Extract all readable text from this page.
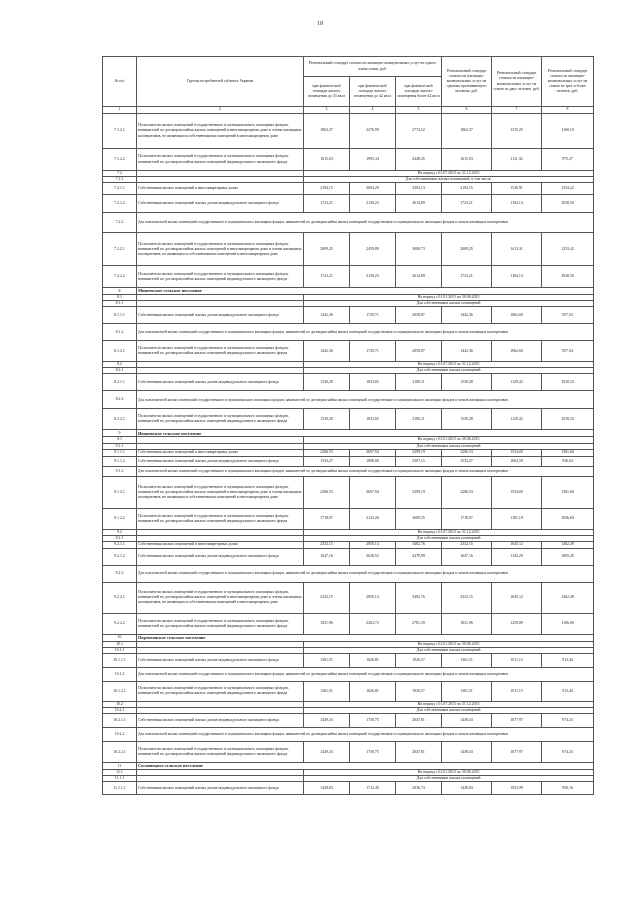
18
№ п/п	Группы потребителей субъекта Украина	Региональный стандарт стоимости жилищно-коммунальных услуг на одного члена семьи, руб.			Региональный стандарт стоимости жилищно-коммунальных услуг на одиноко проживающего человека, руб.	Региональный стандарт стоимости жилищно-коммунальных услуг на семью из двух человек, руб.	Региональный стандарт стоимости жилищно-коммунальных услуг на семью из трех и более человек, руб.
		при фактической площади жилого помещения до 33 кв.м	при фактической площади жилого помещения до 42 кв.м	при фактической площади жилого помещения более 42 кв.м			
1	2	3	4	5	6	7	8
7.1.2.1	Пользователи жилых помещений государственного и муниципального жилищных фондов, нанимателей по договорам найма жилых помещений в многоквартирном доме и члены жилищных кооперативов, не являющихся собственниками помещений в многоквартирном доме	1863,37	2276,99	2774,52	1863,37	1315,25	1168,10
7.1.2.2	Пользователи жилых помещений государственного и муниципального жилищных фондов, нанимателей по договорам найма жилых помещений индивидуального жилищного фонда	1615,03	1995,34	2448,45	1615,03	1111,32	975,27
7.2		На период с 01.07.2015 по 31.12.2015					
7.2.1		Для собственников жилых помещений, в том числе:					
7.2.1.1	Собственники жилых помещений в многоквартирных домах	2194,15	2694,29	3303,13	2194,15	1530,91	1354,22
7.2.1.2	Собственники жилых помещений жилых домов индивидуального жилищного фонда	1723,21	2130,23	2614,89	1723,21	1184,14	1038,50
7.2.2	Для пользователей жилых помещений государственного и муниципального жилищных фондов, нанимателей по договорам найма жилых помещений государственного и муниципального жилищных фондов и членов жилищных кооперативов						
7.2.2.1	Пользователи жилых помещений государственного и муниципального жилищных фондов, нанимателей по договорам найма жилых помещений в многоквартирном доме и члены жилищных кооперативов, не являющихся собственниками помещений в многоквартирном доме	2009,25	2459,09	3000,73	2009,25	1413,31	1253,42
7.2.2.2	Пользователи жилых помещений государственного и муниципального жилищных фондов, нанимателей по договорам найма жилых помещений индивидуального жилищного фонда	1723,21	2130,23	2614,89	1723,21	1184,14	1038,50
8	Минеевское сельское поселение						
8.1		На период с 01.01.2015 по 30.06.2015					
8.1.1		Для собственников жилых помещений					
8.1.1.1	Собственники жилых помещений жилых домов индивидуального жилищного фонда	1442,36	1729,71	2058,87	1442,36	1062,60	957,54
8.1.2	Для пользователей жилых помещений государственного и муниципального жилищных фондов, нанимателей по договорам найма жилых помещений государственного и муниципального жилищных фондов и членов жилищных кооперативов						
8.1.2.1	Пользователи жилых помещений государственного и муниципального жилищных фондов, нанимателей по договорам найма жилых помещений индивидуального жилищного фонда	1442,36	1729,71	2058,87	1442,36	1062,60	957,54
8.2		На период с 01.07.2015 по 31.12.2015					
8.2.1		Для собственников жилых помещений					
8.2.1.1	Собственники жилых помещений жилых домов индивидуального жилищного фонда	1530,28	1833,65	2180,11	1530,28	1129,42	1018,33
8.2.2	Для пользователей жилых помещений государственного и муниципального жилищных фондов, нанимателей по договорам найма жилых помещений государственного и муниципального жилищных фондов и членов жилищных кооперативов						
8.2.2.1	Пользователи жилых помещений государственного и муниципального жилищных фондов, нанимателей по договорам найма жилых помещений индивидуального жилищного фонда	1530,28	1833,65	2180,11	1530,28	1129,42	1018,33
9	Ивановское сельское поселение						
9.1		На период с 01.01.2015 по 30.06.2015					
9.1.1		Для собственников жилых помещений					
9.1.1.1	Собственники жилых помещений в многоквартирных домах	2206,53	2697,94	3299,19	2206,53	1554,69	1381,60
9.1.1.2	Собственники жилых помещений жилых домов индивидуального жилищного фонда	1533,27	1888,06	2307,15	1533,27	1063,59	936,04
9.1.2	Для пользователей жилых помещений государственного и муниципального жилищных фондов, нанимателей по договорам найма жилых помещений государственного и муниципального жилищных фондов и членов жилищных кооперативов						
9.1.2.1	Пользователи жилых помещений государственного и муниципального жилищных фондов, нанимателей по договорам найма жилых помещений в многоквартирном доме и члены жилищных кооперативов, не являющихся собственниками помещений в многоквартирном доме	2206,53	2697,94	3299,19	2206,53	1554,69	1381,60
9.1.2.2	Пользователи жилых помещений государственного и муниципального жилищных фондов, нанимателей по договорам найма жилых помещений индивидуального жилищного фонда	1718,07	2123,26	2609,55	1718,07	1181,19	1036,84
9.2		На период с 01.07.2015 по 31.12.2015					
9.2.1		Для собственников жилых помещений					
9.2.1.1	Собственники жилых помещений в многоквартирных домах	2332,15	2850,14	3482,76	2332,15	1645,12	1462,49
9.2.1.2	Собственники жилых помещений жилых домов индивидуального жилищного фонда	1647,16	2028,52	2478,99	1647,16	1142,29	1005,20
9.2.2	Для пользователей жилых помещений государственного и муниципального жилищных фондов, нанимателей по договорам найма жилых помещений государственного и муниципального жилищных фондов и членов жилищных кооперативов						
9.2.2.1	Пользователи жилых помещений государственного и муниципального жилищных фондов, нанимателей по договорам найма жилых помещений в многоквартирном доме и члены жилищных кооперативов, не являющихся собственниками помещений в многоквартирном доме	2332,15	2850,14	3482,76	2332,15	1645,12	1462,49
9.2.2.2	Пользователи жилых помещений государственного и муниципального жилищных фондов, нанимателей по договорам найма жилых помещений индивидуального жилищного фонда	1831,96	2263,72	2781,39	1831,96	1259,89	1106,00
10	Партизанское сельское поселение						
10.1		На период с 01.01.2015 по 30.06.2015					
10.1.1		Для собственников жилых помещений					
10.1.1.1	Собственники жилых помещений жилых домов индивидуального жилищного фонда	1361,51	1626,81	1926,57	1361,51	1011,15	913,44
10.1.2	Для пользователей жилых помещений государственного и муниципального жилищных фондов, нанимателей по договорам найма жилых помещений государственного и муниципального жилищных фондов и членов жилищных кооперативов						
10.1.2.1	Пользователи жилых помещений государственного и муниципального жилищных фондов, нанимателей по договорам найма жилых помещений индивидуального жилищного фонда	1361,51	1626,81	1926,57	1361,51	1011,15	913,44
10.2		На период с 01.07.2015 по 31.12.2015					
10.2.1		Для собственников жилых помещений					
10.2.1.1	Собственники жилых помещений жилых домов индивидуального жилищного фонда	1449,43	1730,75	2047,81	1449,43	1077,97	974,23
10.2.2	Для пользователей жилых помещений государственного и муниципального жилищных фондов, нанимателей по договорам найма жилых помещений государственного и муниципального жилищных фондов и членов жилищных кооперативов						
10.2.2.1	Пользователи жилых помещений государственного и муниципального жилищных фондов, нанимателей по договорам найма жилых помещений индивидуального жилищного фонда	1449,43	1730,75	2047,81	1449,43	1077,97	974,23
11	Сосновецкое сельское поселение						
11.1		На период с 01.01.2015 по 30.06.2015					
11.1.1		Для собственников жилых помещений					
11.1.1.1	Собственники жилых помещений жилых домов индивидуального жилищного фонда	1428,83	1712,49	2036,73	1428,83	1053,99	950,16
